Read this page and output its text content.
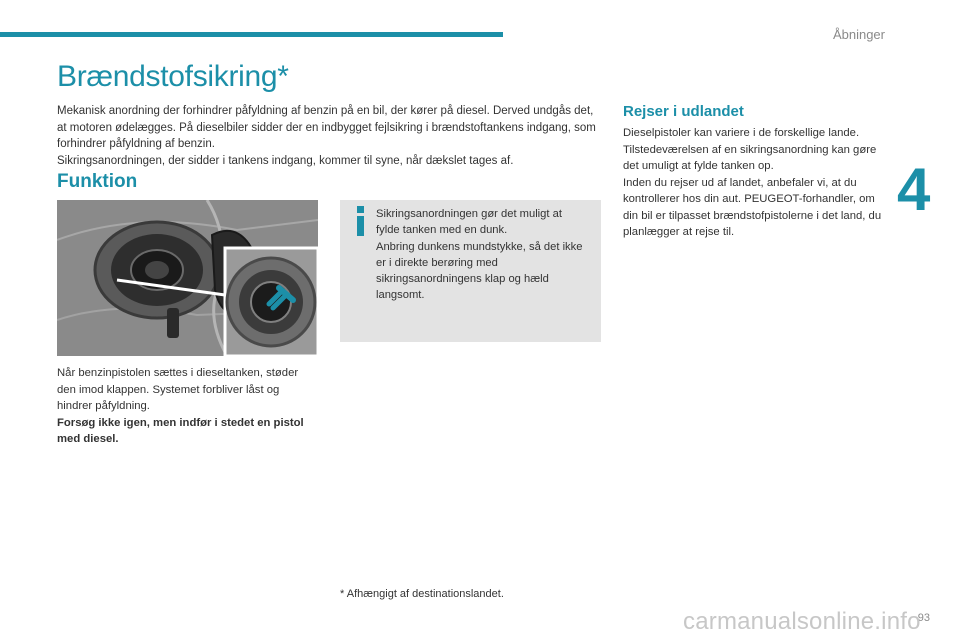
Åbninger
4
Brændstofsikring*

Mekanisk anordning der forhindrer påfyldning af benzin på en bil, der kører på diesel. Derved undgås det, at motoren ødelægges. På dieselbiler sidder der en indbygget fejlsikring i brændstoftankens indgang, som forhindrer påfyldning af benzin.

Sikringsanordningen, der sidder i tankens indgang, kommer til syne, når dækslet tages af.

Funktion

Sikringsanordningen gør det muligt at fylde tanken med en dunk.

Anbring dunkens mundstykke, så det ikke er i direkte berøring med sikringsanordningens klap og hæld langsomt.

Når benzinpistolen sættes i dieseltanken, støder den imod klappen. Systemet forbliver låst og hindrer påfyldning.

Forsøg ikke igen, men indfør i stedet en pistol med diesel.

Rejser i udlandet

Dieselpistoler kan variere i de forskellige lande. Tilstedeværelsen af en sikringsanordning kan gøre det umuligt at fylde tanken op.

Inden du rejser ud af landet, anbefaler vi, at du kontrollerer hos din aut. PEUGEOT-forhandler, om din bil er tilpasset brændstofpistolerne i det land, du planlægger at rejse til.

* Afhængigt af destinationslandet.
93
carmanualsonline.info
